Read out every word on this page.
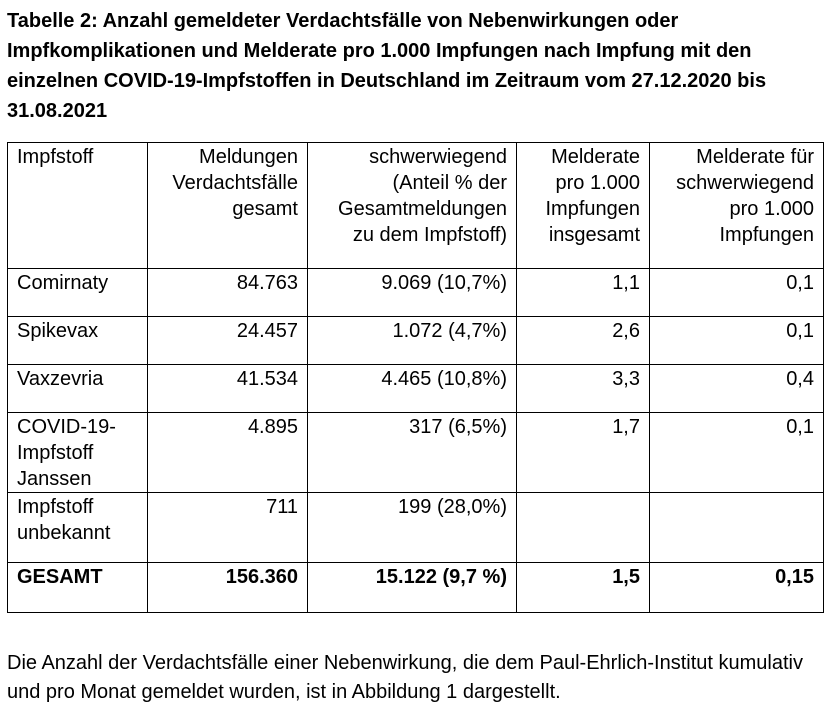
Tabelle 2: Anzahl gemeldeter Verdachtsfälle von Nebenwirkungen oder Impfkomplikationen und Melderate pro 1.000 Impfungen nach Impfung mit den einzelnen COVID-19-Impfstoffen in Deutschland im Zeitraum vom 27.12.2020 bis 31.08.2021

Impfstoff	Meldungen Verdachtsfälle gesamt	schwerwiegend (Anteil % der Gesamtmeldungen zu dem Impfstoff)	Melderate pro 1.000 Impfungen insgesamt	Melderate für schwerwiegend pro 1.000 Impfungen
Comirnaty	84.763	9.069 (10,7%)	1,1	0,1
Spikevax	24.457	1.072 (4,7%)	2,6	0,1
Vaxzevria	41.534	4.465 (10,8%)	3,3	0,4
COVID-19-Impfstoff Janssen	4.895	317 (6,5%)	1,7	0,1
Impfstoff unbekannt	711	199 (28,0%)		
GESAMT	156.360	15.122 (9,7 %)	1,5	0,15

Die Anzahl der Verdachtsfälle einer Nebenwirkung, die dem Paul-Ehrlich-Institut kumulativ und pro Monat gemeldet wurden, ist in Abbildung 1 dargestellt.
